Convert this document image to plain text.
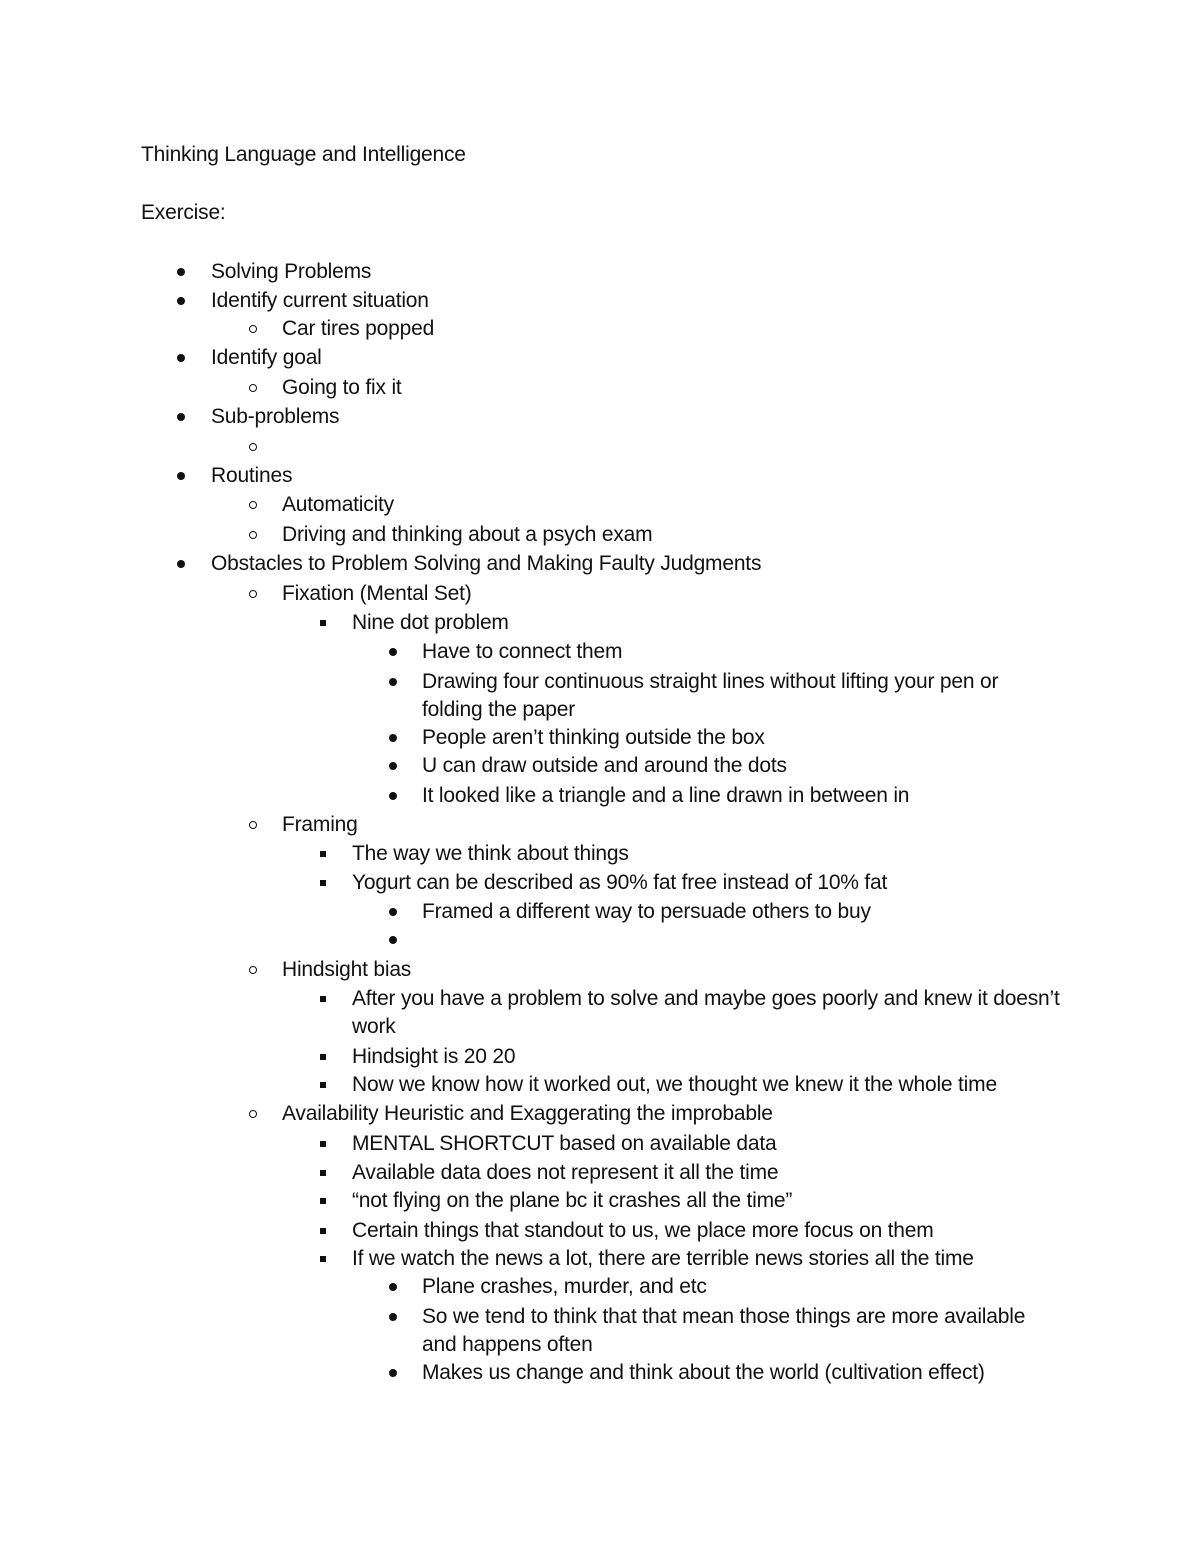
Thinking Language and Intelligence
Exercise:
Solving Problems
Identify current situation
Car tires popped
Identify goal
Going to fix it
Sub-problems
Routines
Automaticity
Driving and thinking about a psych exam
Obstacles to Problem Solving and Making Faulty Judgments
Fixation (Mental Set)
Nine dot problem
Have to connect them
Drawing four continuous straight lines without lifting your pen or folding the paper
People aren’t thinking outside the box
U can draw outside and around the dots
It looked like a triangle and a line drawn in between in
Framing
The way we think about things
Yogurt can be described as 90% fat free instead of 10% fat
Framed a different way to persuade others to buy
Hindsight bias
After you have a problem to solve and maybe goes poorly and knew it doesn’t work
Hindsight is 20 20
Now we know how it worked out, we thought we knew it the whole time
Availability Heuristic and Exaggerating the improbable
MENTAL SHORTCUT based on available data
Available data does not represent it all the time
“not flying on the plane bc it crashes all the time”
Certain things that standout to us, we place more focus on them
If we watch the news a lot, there are terrible news stories all the time
Plane crashes, murder, and etc
So we tend to think that that mean those things are more available and happens often
Makes us change and think about the world (cultivation effect)
